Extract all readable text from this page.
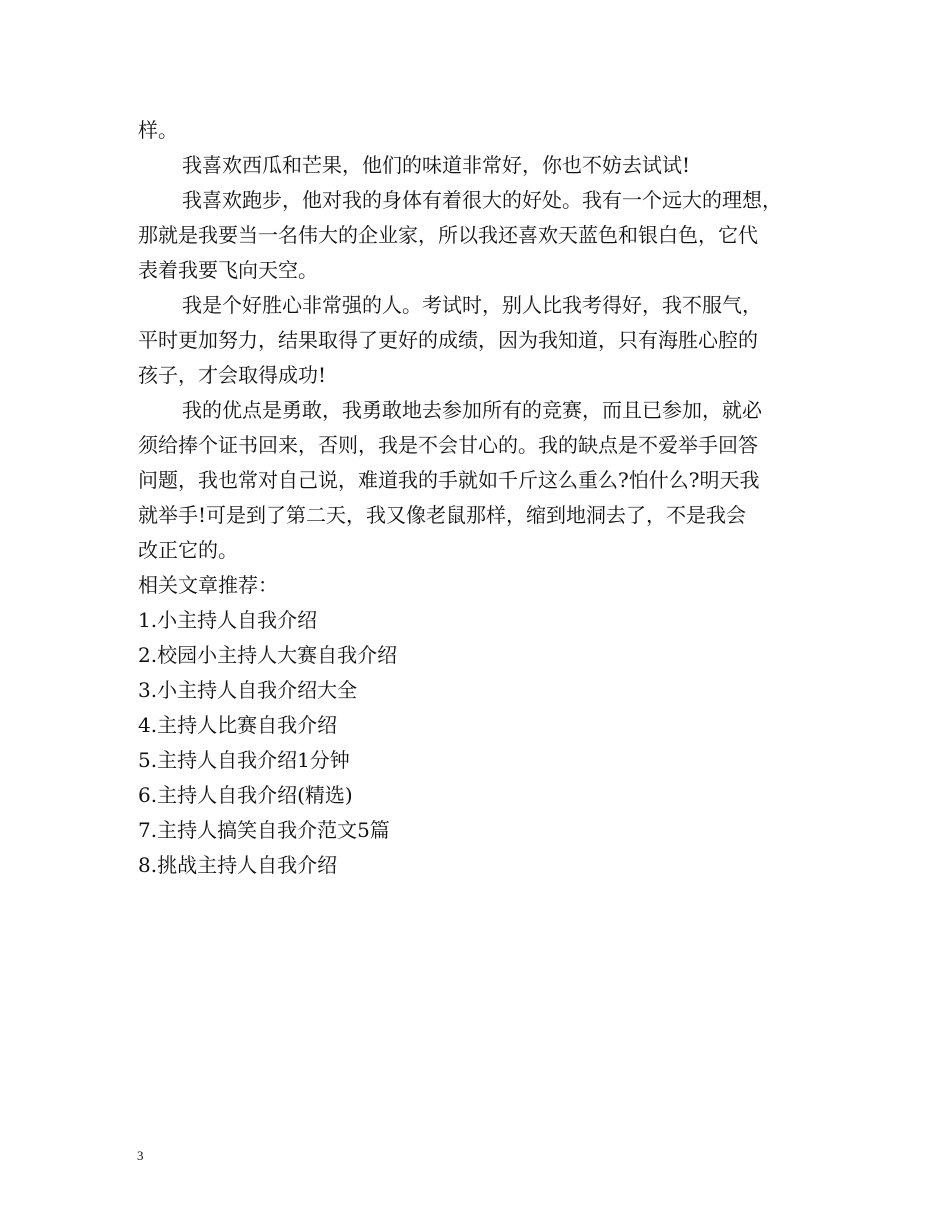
样。

我喜欢西瓜和芒果，他们的味道非常好，你也不妨去试试!

我喜欢跑步，他对我的身体有着很大的好处。我有一个远大的理想，
那就是我要当一名伟大的企业家，所以我还喜欢天蓝色和银白色，它代
表着我要飞向天空。

我是个好胜心非常强的人。考试时，别人比我考得好，我不服气，
平时更加努力，结果取得了更好的成绩，因为我知道，只有海胜心腔的
孩子，才会取得成功!

我的优点是勇敢，我勇敢地去参加所有的竞赛，而且已参加，就必
须给捧个证书回来，否则，我是不会甘心的。我的缺点是不爱举手回答
问题，我也常对自己说，难道我的手就如千斤这么重么?怕什么?明天我
就举手!可是到了第二天，我又像老鼠那样，缩到地洞去了，不是我会
改正它的。

相关文章推荐：

1.小主持人自我介绍
2.校园小主持人大赛自我介绍
3.小主持人自我介绍大全
4.主持人比赛自我介绍
5.主持人自我介绍1分钟
6.主持人自我介绍(精选)
7.主持人搞笑自我介范文5篇
8.挑战主持人自我介绍
3
